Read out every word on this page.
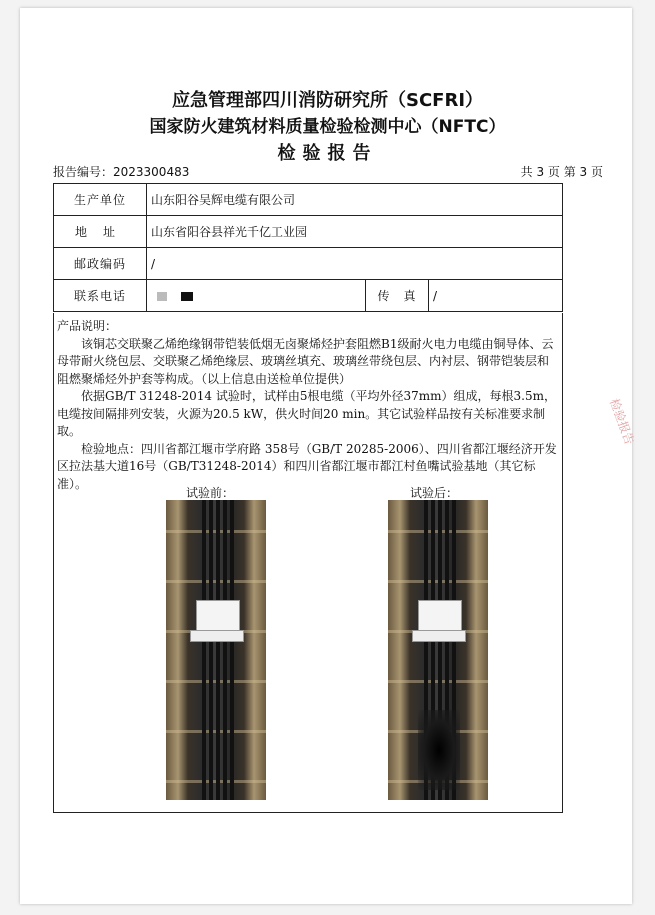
应急管理部四川消防研究所（SCFRI）
国家防火建筑材料质量检验检测中心（NFTC）
检验报告
报告编号：2023300483	共 3 页 第 3 页
生产单位	山东阳谷吴辉电缆有限公司		
地址	山东省阳谷县祥光千亿工业园		
邮政编码	/		
联系电话		传　真	/

产品说明：

该铜芯交联聚乙烯绝缘钢带铠装低烟无卤聚烯烃护套阻燃B1级耐火电力电缆由铜导体、云母带耐火绕包层、交联聚乙烯绝缘层、玻璃丝填充、玻璃丝带绕包层、内衬层、钢带铠装层和阻燃聚烯烃外护套等构成。（以上信息由送检单位提供）

依据GB/T 31248-2014 试验时，试样由5根电缆（平均外径37mm）组成，每根3.5m，电缆按间隔排列安装，火源为20.5 kW，供火时间20 min。其它试验样品按有关标准要求制取。

检验地点：四川省都江堰市学府路 358号（GB/T 20285-2006）、四川省都江堰经济开发区拉法基大道16号（GB/T31248-2014）和四川省都江堰市都江村鱼嘴试验基地（其它标准）。

试验前：	试验后：
检验报告
